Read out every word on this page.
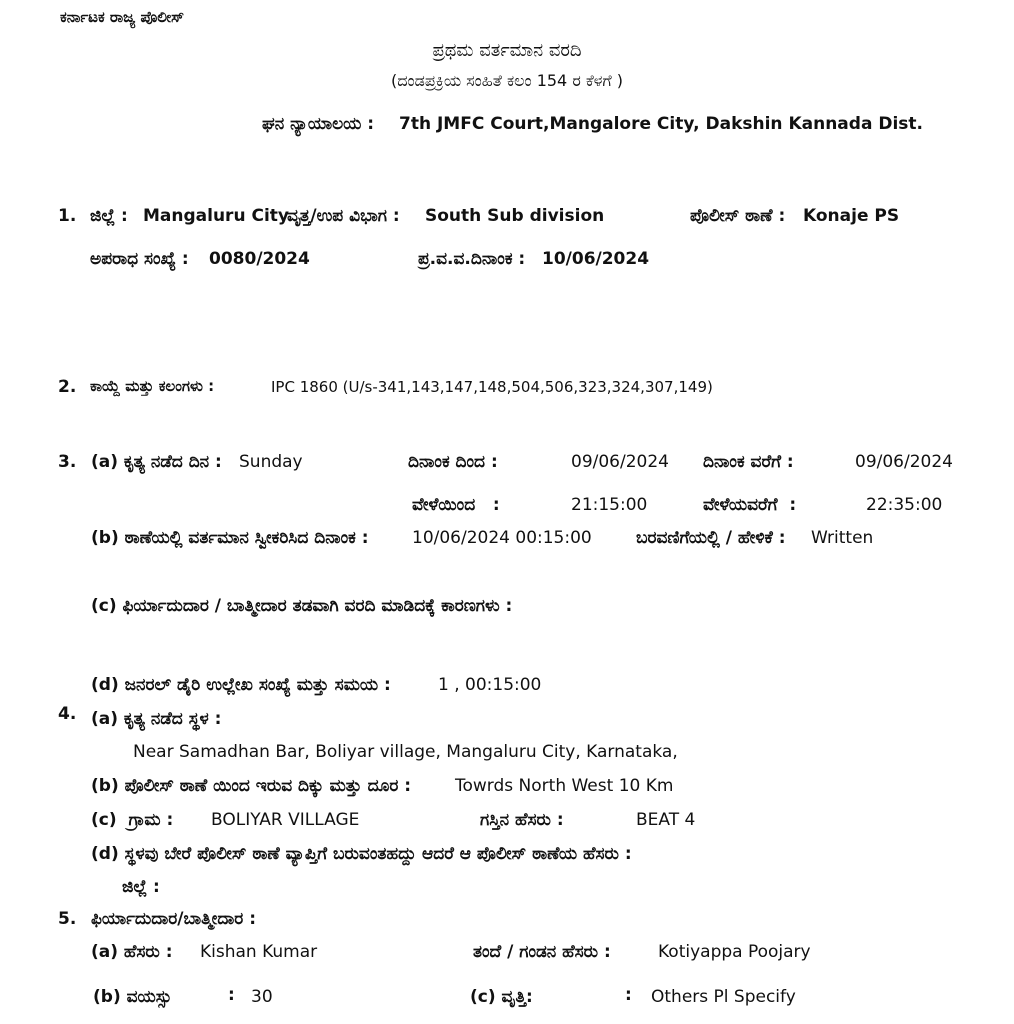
ಕರ್ನಾಟಕ ರಾಜ್ಯ ಪೊಲೀಸ್
ಪ್ರಥಮ ವರ್ತಮಾನ ವರದಿ
(ದಂಡಪ್ರಕ್ರಿಯ ಸಂಹಿತೆ ಕಲಂ 154 ರ ಕೆಳಗೆ )
ಘನ ನ್ಯಾಯಾಲಯ : 7th JMFC Court,Mangalore City, Dakshin Kannada Dist.
1. ಜಿಲ್ಲೆ : Mangaluru City
ವೃತ್ತ/ಉಪ ವಿಭಾಗ : South Sub division	ಪೊಲೀಸ್ ಠಾಣೆ : Konaje PS
ಅಪರಾಧ ಸಂಖ್ಯೆ : 0080/2024	ಪ್ರ.ವ.ವ.ದಿನಾಂಕ : 10/06/2024
2. ಕಾಯ್ದೆ ಮತ್ತು ಕಲಂಗಳು :	IPC 1860 (U/s-341,143,147,148,504,506,323,324,307,149)
3. (a) ಕೃತ್ಯ ನಡೆದ ದಿನ : Sunday	ದಿನಾಂಕ ದಿಂದ :	09/06/2024 ದಿನಾಂಕ ವರೆಗೆ :	09/06/2024
ವೇಳೆಯಿಂದ   :	21:15:00	ವೇಳೆಯವರೆಗೆ  :	22:35:00
(b) ಠಾಣೆಯಲ್ಲಿ ವರ್ತಮಾನ ಸ್ವೀಕರಿಸಿದ ದಿನಾಂಕ :	10/06/2024 00:15:00	ಬರವಣಿಗೆಯಲ್ಲಿ / ಹೇಳಿಕೆ : Written
(c) ಫಿರ್ಯಾದುದಾರ / ಬಾತ್ಮೀದಾರ ತಡವಾಗಿ ವರದಿ ಮಾಡಿದಕ್ಕೆ ಕಾರಣಗಳು :
(d) ಜನರಲ್ ಡೈರಿ ಉಲ್ಲೇಖ ಸಂಖ್ಯೆ ಮತ್ತು ಸಮಯ :	1 , 00:15:00
4. (a) ಕೃತ್ಯ ನಡೆದ ಸ್ಥಳ :
Near Samadhan Bar, Boliyar village, Mangaluru City, Karnataka,
(b) ಪೊಲೀಸ್ ಠಾಣೆ ಯಿಂದ ಇರುವ ದಿಕ್ಕು ಮತ್ತು ದೂರ :	Towrds North West 10 Km
(c)  ಗ್ರಾಮ : BOLIYAR VILLAGE	ಗಸ್ತಿನ ಹೆಸರು :	BEAT 4
(d) ಸ್ಥಳವು ಬೇರೆ ಪೊಲೀಸ್ ಠಾಣೆ ವ್ಯಾಪ್ತಿಗೆ ಬರುವಂತಹದ್ದು ಆದರೆ ಆ ಪೊಲೀಸ್ ಠಾಣೆಯ ಹೆಸರು :
ಜಿಲ್ಲೆ :
5. ಫಿರ್ಯಾದುದಾರ/ಬಾತ್ಮೀದಾರ :
(a) ಹೆಸರು : Kishan Kumar	ತಂದೆ / ಗಂಡನ ಹೆಸರು :	Kotiyappa Poojary
(b) ವಯಸ್ಸು	: 30	(c) ವೃತ್ತಿ:	: Others Pl Specify
